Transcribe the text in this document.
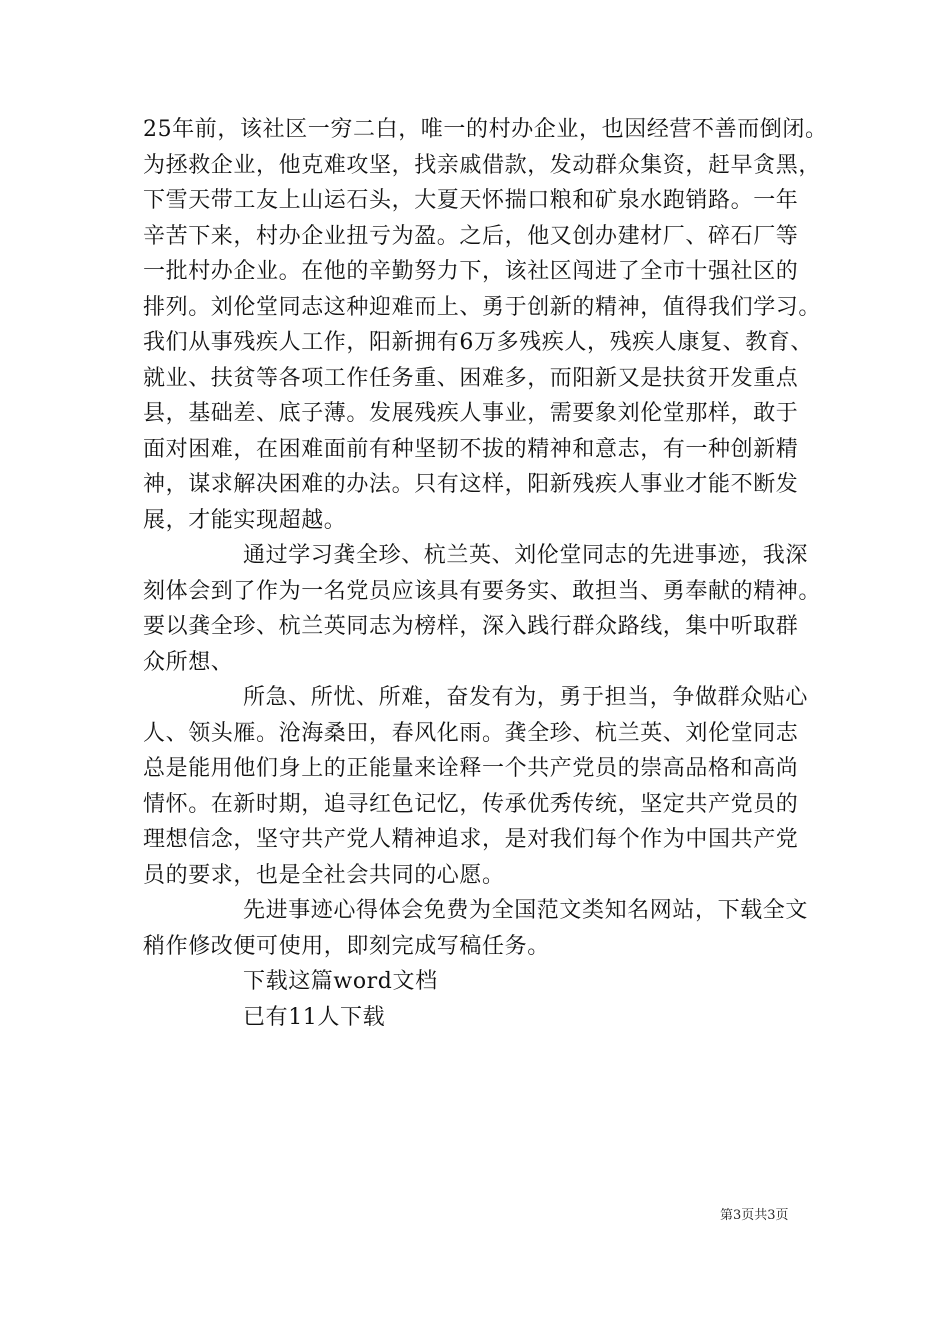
25年前，该社区一穷二白，唯一的村办企业，也因经营不善而倒闭。
为拯救企业，他克难攻坚，找亲戚借款，发动群众集资，赶早贪黑，
下雪天带工友上山运石头，大夏天怀揣口粮和矿泉水跑销路。一年
辛苦下来，村办企业扭亏为盈。之后，他又创办建材厂、碎石厂等
一批村办企业。在他的辛勤努力下，该社区闯进了全市十强社区的
排列。刘伦堂同志这种迎难而上、勇于创新的精神，值得我们学习。
我们从事残疾人工作，阳新拥有6万多残疾人，残疾人康复、教育、
就业、扶贫等各项工作任务重、困难多，而阳新又是扶贫开发重点
县，基础差、底子薄。发展残疾人事业，需要象刘伦堂那样，敢于
面对困难，在困难面前有种坚韧不拔的精神和意志，有一种创新精
神，谋求解决困难的办法。只有这样，阳新残疾人事业才能不断发
展，才能实现超越。
通过学习龚全珍、杭兰英、刘伦堂同志的先进事迹，我深
刻体会到了作为一名党员应该具有要务实、敢担当、勇奉献的精神。
要以龚全珍、杭兰英同志为榜样，深入践行群众路线，集中听取群
众所想、
所急、所忧、所难，奋发有为，勇于担当，争做群众贴心
人、领头雁。沧海桑田，春风化雨。龚全珍、杭兰英、刘伦堂同志
总是能用他们身上的正能量来诠释一个共产党员的崇高品格和高尚
情怀。在新时期，追寻红色记忆，传承优秀传统，坚定共产党员的
理想信念，坚守共产党人精神追求，是对我们每个作为中国共产党
员的要求，也是全社会共同的心愿。
先进事迹心得体会免费为全国范文类知名网站，下载全文
稍作修改便可使用，即刻完成写稿任务。
下载这篇word文档
已有11人下载
第3页共3页
